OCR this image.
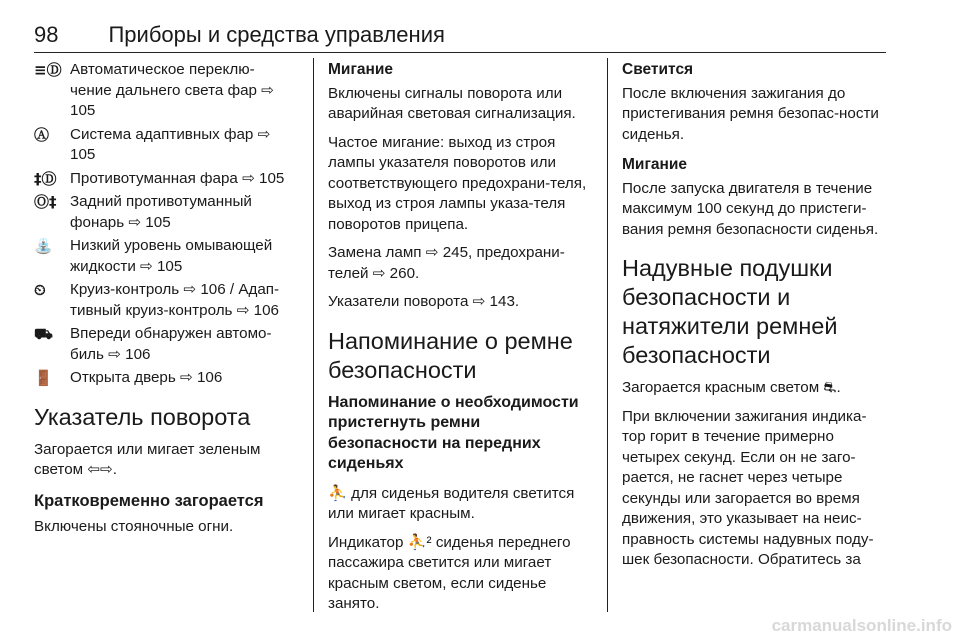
98 Приборы и средства управления
≡Ⓓ Автоматическое переклю-чение дальнего света фар ⇨ 105
Ⓐ	Система адаптивных фар ⇨ 105
‡Ⓓ Противотуманная фара ⇨ 105
Ⓞ‡ Задний противотуманный фонарь ⇨ 105
⛲	Низкий уровень омывающей жидкости ⇨ 105
⏲	Круиз-контроль ⇨ 106 / Адап-тивный круиз-контроль ⇨ 106
⛟	Впереди обнаружен автомо-биль ⇨ 106
🚪	Открыта дверь ⇨ 106
Указатель поворота

Загорается или мигает зеленым светом ⇦⇨.

Кратковременно загорается

Включены стояночные огни.

Мигание

Включены сигналы поворота или аварийная световая сигнализация.

Частое мигание: выход из строя лампы указателя поворотов или соответствующего предохрани-теля, выход из строя лампы указа-теля поворотов прицепа.

Замена ламп ⇨ 245, предохрани-телей ⇨ 260.

Указатели поворота ⇨ 143.

Напоминание о ремне безопасности
Напоминание о необходимости пристегнуть ремни безопасности на передних сиденьях

⛹ для сиденья водителя светится или мигает красным.

Индикатор ⛹² сиденья переднего пассажира светится или мигает красным светом, если сиденье занято.

Светится

После включения зажигания до пристегивания ремня безопас-ности сиденья.

Мигание

После запуска двигателя в течение максимум 100 секунд до пристеги-вания ремня безопасности сиденья.

Надувные подушки безопасности и натяжители ремней безопасности

Загорается красным светом ⛐.

При включении зажигания индика-тор горит в течение примерно четырех секунд. Если он не заго-рается, не гаснет через четыре секунды или загорается во время движения, это указывает на неис-правность системы надувных поду-шек безопасности. Обратитесь за

carmanualsonline.info
